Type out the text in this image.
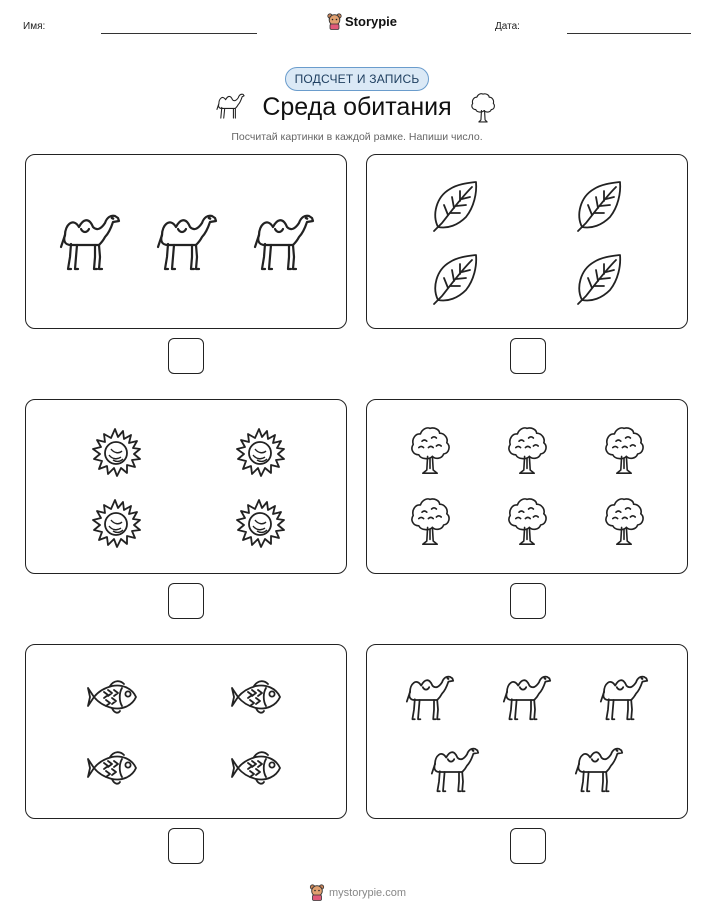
Имя:	Storypie	Дата:
ПОДСЧЕТ И ЗАПИСЬ
Среда обитания
Посчитай картинки в каждой рамке. Напиши число.
mystorypie.com
